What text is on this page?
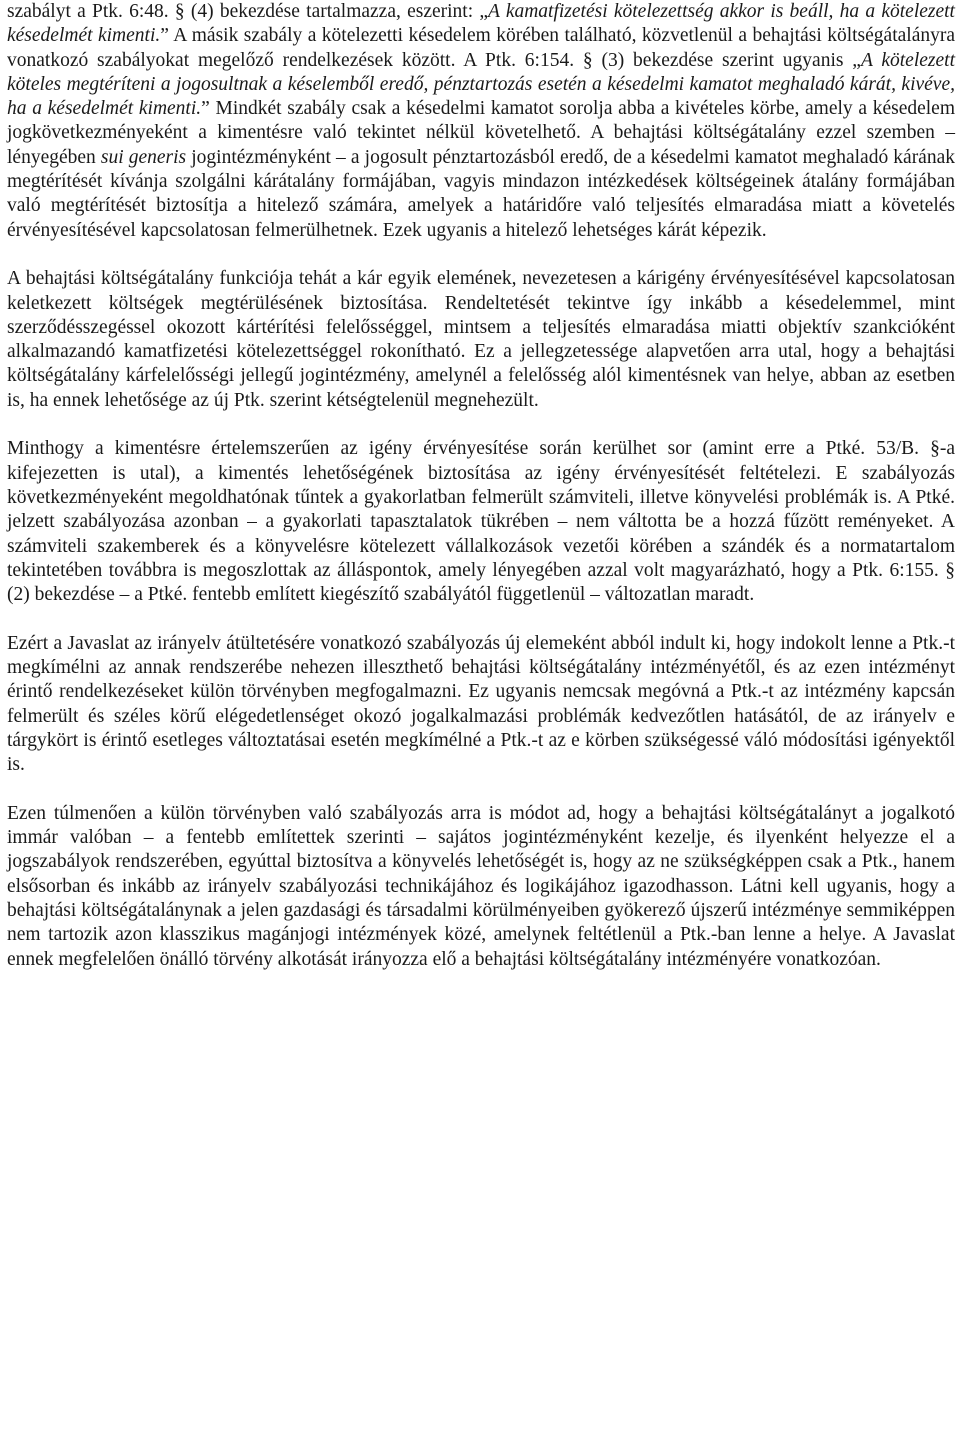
szabályt a Ptk. 6:48. § (4) bekezdése tartalmazza, eszerint: „A kamatfizetési kötelezettség akkor is beáll, ha a kötelezett késedelmét kimenti.” A másik szabály a kötelezetti késedelem körében található, közvetlenül a behajtási költségátalányra vonatkozó szabályokat megelőző rendelkezések között. A Ptk. 6:154. § (3) bekezdése szerint ugyanis „A kötelezett köteles megtéríteni a jogosultnak a késelemből eredő, pénztartozás esetén a késedelmi kamatot meghaladó kárát, kivéve, ha a késedelmét kimenti.” Mindkét szabály csak a késedelmi kamatot sorolja abba a kivételes körbe, amely a késedelem jogkövetkezményeként a kimentésre való tekintet nélkül követelhető. A behajtási költségátalány ezzel szemben – lényegében sui generis jogintézményként – a jogosult pénztartozásból eredő, de a késedelmi kamatot meghaladó kárának megtérítését kívánja szolgálni kárátalány formájában, vagyis mindazon intézkedések költségeinek átalány formájában való megtérítését biztosítja a hitelező számára, amelyek a határidőre való teljesítés elmaradása miatt a követelés érvényesítésével kapcsolatosan felmerülhetnek. Ezek ugyanis a hitelező lehetséges kárát képezik.

A behajtási költségátalány funkciója tehát a kár egyik elemének, nevezetesen a kárigény érvényesítésével kapcsolatosan keletkezett költségek megtérülésének biztosítása. Rendeltetését tekintve így inkább a késedelemmel, mint szerződésszegéssel okozott kártérítési felelősséggel, mintsem a teljesítés elmaradása miatti objektív szankcióként alkalmazandó kamatfizetési kötelezettséggel rokonítható. Ez a jellegzetessége alapvetően arra utal, hogy a behajtási költségátalány kárfelelősségi jellegű jogintézmény, amelynél a felelősség alól kimentésnek van helye, abban az esetben is, ha ennek lehetősége az új Ptk. szerint kétségtelenül megnehezült.

Minthogy a kimentésre értelemszerűen az igény érvényesítése során kerülhet sor (amint erre a Ptké. 53/B. §-a kifejezetten is utal), a kimentés lehetőségének biztosítása az igény érvényesítését feltételezi. E szabályozás következményeként megoldhatónak tűntek a gyakorlatban felmerült számviteli, illetve könyvelési problémák is. A Ptké. jelzett szabályozása azonban – a gyakorlati tapasztalatok tükrében – nem váltotta be a hozzá fűzött reményeket. A számviteli szakemberek és a könyvelésre kötelezett vállalkozások vezetői körében a szándék és a normatartalom tekintetében továbbra is megoszlottak az álláspontok, amely lényegében azzal volt magyarázható, hogy a Ptk. 6:155. § (2) bekezdése – a Ptké. fentebb említett kiegészítő szabályától függetlenül – változatlan maradt.

Ezért a Javaslat az irányelv átültetésére vonatkozó szabályozás új elemeként abból indult ki, hogy indokolt lenne a Ptk.-t megkímélni az annak rendszerébe nehezen illeszthető behajtási költségátalány intézményétől, és az ezen intézményt érintő rendelkezéseket külön törvényben megfogalmazni. Ez ugyanis nemcsak megóvná a Ptk.-t az intézmény kapcsán felmerült és széles körű elégedetlenséget okozó jogalkalmazási problémák kedvezőtlen hatásától, de az irányelv e tárgykört is érintő esetleges változtatásai esetén megkímélné a Ptk.-t az e körben szükségessé váló módosítási igényektől is.

Ezen túlmenően a külön törvényben való szabályozás arra is módot ad, hogy a behajtási költségátalányt a jogalkotó immár valóban – a fentebb említettek szerinti – sajátos jogintézményként kezelje, és ilyenként helyezze el a jogszabályok rendszerében, egyúttal biztosítva a könyvelés lehetőségét is, hogy az ne szükségképpen csak a Ptk., hanem elsősorban és inkább az irányelv szabályozási technikájához és logikájához igazodhasson. Látni kell ugyanis, hogy a behajtási költségátalánynak a jelen gazdasági és társadalmi körülményeiben gyökerező újszerű intézménye semmiképpen nem tartozik azon klasszikus magánjogi intézmények közé, amelynek feltétlenül a Ptk.-ban lenne a helye. A Javaslat ennek megfelelően önálló törvény alkotását irányozza elő a behajtási költségátalány intézményére vonatkozóan.
